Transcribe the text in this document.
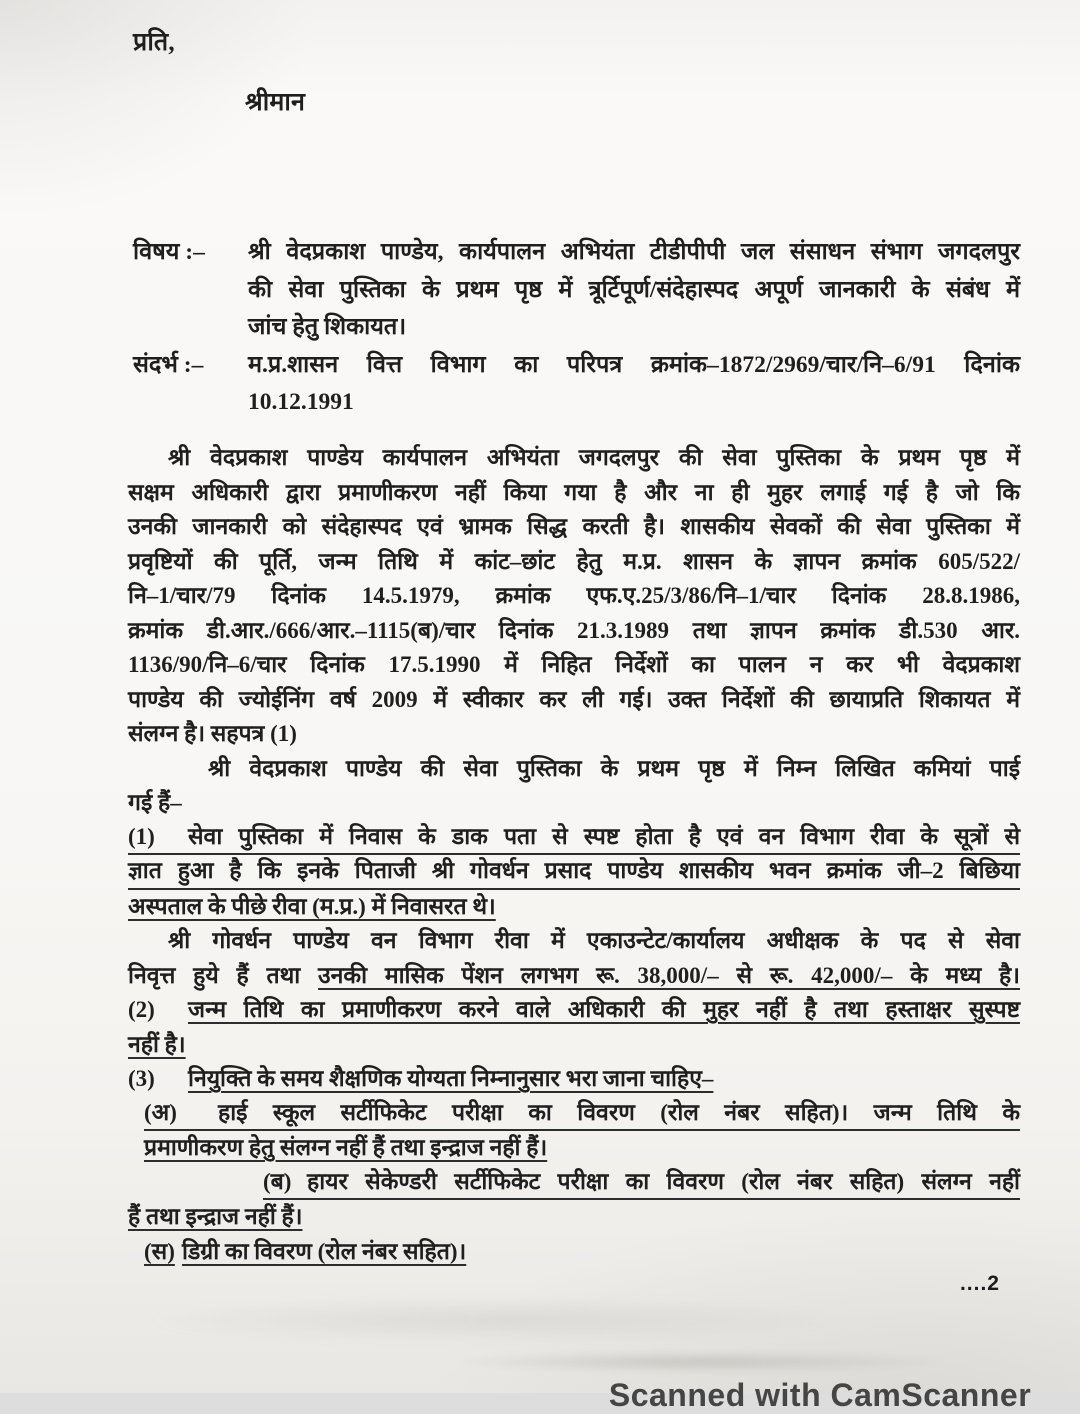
प्रति,
श्रीमान
विषय :–	श्री वेदप्रकाश पाण्डेय, कार्यपालन अभियंता टीडीपीपी जल संसाधन संभाग जगदलपुर
की सेवा पुस्तिका के प्रथम पृष्ठ में त्रूर्टिपूर्ण/संदेहास्पद अपूर्ण जानकारी के संबंध में
जांच हेतु शिकायत।
संदर्भ :–	म.प्र.शासन वित्त विभाग का परिपत्र क्रमांक–1872/2969/चार/नि–6/91 दिनांक
10.12.1991
श्री वेदप्रकाश पाण्डेय कार्यपालन अभियंता जगदलपुर की सेवा पुस्तिका के प्रथम पृष्ठ में
सक्षम अधिकारी द्वारा प्रमाणीकरण नहीं किया गया है और ना ही मुहर लगाई गई है जो कि
उनकी जानकारी को संदेहास्पद एवं भ्रामक सिद्ध करती है। शासकीय सेवकों की सेवा पुस्तिका में
प्रवृष्टियों की पूर्ति, जन्म तिथि में कांट–छांट हेतु म.प्र. शासन के ज्ञापन क्रमांक 605/522/
नि–1/चार/79 दिनांक 14.5.1979, क्रमांक एफ.ए.25/3/86/नि–1/चार दिनांक 28.8.1986,
क्रमांक डी.आर./666/आर.–1115(ब)/चार दिनांक 21.3.1989 तथा ज्ञापन क्रमांक डी.530 आर.
1136/90/नि–6/चार दिनांक 17.5.1990 में निहित निर्देशों का पालन न कर भी वेदप्रकाश
पाण्डेय की ज्योईनिंग वर्ष 2009 में स्वीकार कर ली गई। उक्त निर्देशों की छायाप्रति शिकायत में
संलग्न है। सहपत्र (1)
श्री वेदप्रकाश पाण्डेय की सेवा पुस्तिका के प्रथम पृष्ठ में निम्न लिखित कमियां पाई
गई हैं–
(1) सेवा पुस्तिका में निवास के डाक पता से स्पष्ट होता है एवं वन विभाग रीवा के सूत्रों से
ज्ञात हुआ है कि इनके पिताजी श्री गोवर्धन प्रसाद पाण्डेय शासकीय भवन क्रमांक जी–2 बिछिया
अस्पताल के पीछे रीवा (म.प्र.) में निवासरत थे।
श्री गोवर्धन पाण्डेय वन विभाग रीवा में एकाउन्टेट/कार्यालय अधीक्षक के पद से सेवा
निवृत्त हुये हैं तथा उनकी मासिक पेंशन लगभग रू. 38,000/– से रू. 42,000/– के मध्य है।
(2) जन्म तिथि का प्रमाणीकरण करने वाले अधिकारी की मुहर नहीं है तथा हस्ताक्षर सुस्पष्ट
नहीं है।
(3) नियुक्ति के समय शैक्षणिक योग्यता निम्नानुसार भरा जाना चाहिए–
(अ) हाई स्कूल सर्टीफिकेट परीक्षा का विवरण (रोल नंबर सहित)। जन्म तिथि के
प्रमाणीकरण हेतु संलग्न नहीं हैं तथा इन्द्राज नहीं हैं।
(ब) हायर सेकेण्डरी सर्टीफिकेट परीक्षा का विवरण (रोल नंबर सहित) संलग्न नहीं
हैं तथा इन्द्राज नहीं हैं।
(स) डिग्री का विवरण (रोल नंबर सहित)।
....2
Scanned with CamScanner
